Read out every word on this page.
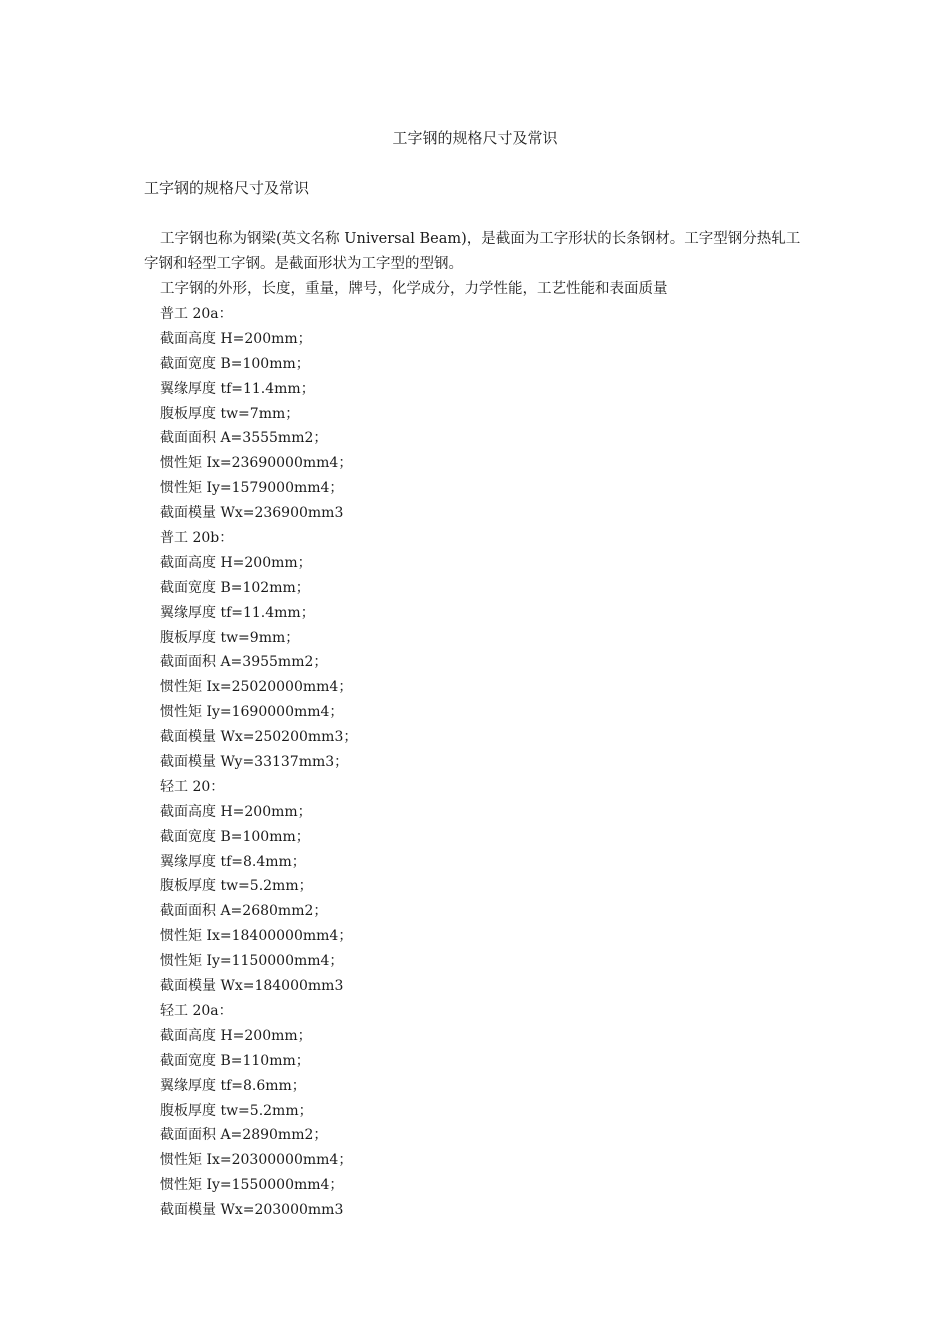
工字钢的规格尺寸及常识
工字钢的规格尺寸及常识

工字钢也称为钢梁(英文名称 Universal Beam)，是截面为工字形状的长条钢材。工字型钢分热轧工字钢和轻型工字钢。是截面形状为工字型的型钢。

工字钢的外形，长度，重量，牌号，化学成分，力学性能，工艺性能和表面质量

普工 20a：
截面高度 H=200mm；
截面宽度 B=100mm；
翼缘厚度 tf=11.4mm；
腹板厚度 tw=7mm；
截面面积 A=3555mm2；
惯性矩 Ix=23690000mm4；
惯性矩 Iy=1579000mm4；
截面模量 Wx=236900mm3
普工 20b：
截面高度 H=200mm；
截面宽度 B=102mm；
翼缘厚度 tf=11.4mm；
腹板厚度 tw=9mm；
截面面积 A=3955mm2；
惯性矩 Ix=25020000mm4；
惯性矩 Iy=1690000mm4；
截面模量 Wx=250200mm3；
截面模量 Wy=33137mm3；
轻工 20：
截面高度 H=200mm；
截面宽度 B=100mm；
翼缘厚度 tf=8.4mm；
腹板厚度 tw=5.2mm；
截面面积 A=2680mm2；
惯性矩 Ix=18400000mm4；
惯性矩 Iy=1150000mm4；
截面模量 Wx=184000mm3
轻工 20a：
截面高度 H=200mm；
截面宽度 B=110mm；
翼缘厚度 tf=8.6mm；
腹板厚度 tw=5.2mm；
截面面积 A=2890mm2；
惯性矩 Ix=20300000mm4；
惯性矩 Iy=1550000mm4；
截面模量 Wx=203000mm3
